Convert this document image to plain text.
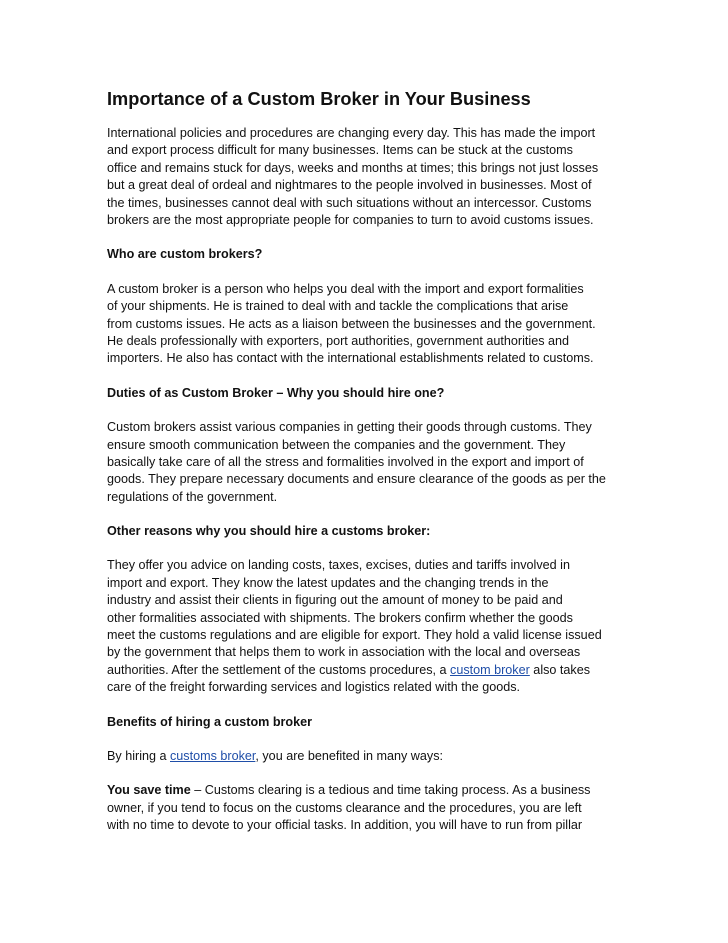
Importance of a Custom Broker in Your Business

International policies and procedures are changing every day. This has made the import
and export process difficult for many businesses. Items can be stuck at the customs
office and remains stuck for days, weeks and months at times; this brings not just losses
but a great deal of ordeal and nightmares to the people involved in businesses. Most of
the times, businesses cannot deal with such situations without an intercessor. Customs
brokers are the most appropriate people for companies to turn to avoid customs issues.

Who are custom brokers?

A custom broker is a person who helps you deal with the import and export formalities
of your shipments. He is trained to deal with and tackle the complications that arise
from customs issues. He acts as a liaison between the businesses and the government.
He deals professionally with exporters, port authorities, government authorities and
importers. He also has contact with the international establishments related to customs.

Duties of as Custom Broker – Why you should hire one?

Custom brokers assist various companies in getting their goods through customs. They
ensure smooth communication between the companies and the government. They
basically take care of all the stress and formalities involved in the export and import of
goods. They prepare necessary documents and ensure clearance of the goods as per the
regulations of the government.

Other reasons why you should hire a customs broker:

They offer you advice on landing costs, taxes, excises, duties and tariffs involved in
import and export. They know the latest updates and the changing trends in the
industry and assist their clients in figuring out the amount of money to be paid and
other formalities associated with shipments. The brokers confirm whether the goods
meet the customs regulations and are eligible for export. They hold a valid license issued
by the government that helps them to work in association with the local and overseas
authorities. After the settlement of the customs procedures, a custom broker also takes
care of the freight forwarding services and logistics related with the goods.

Benefits of hiring a custom broker

By hiring a customs broker, you are benefited in many ways:

You save time – Customs clearing is a tedious and time taking process. As a business
owner, if you tend to focus on the customs clearance and the procedures, you are left
with no time to devote to your official tasks. In addition, you will have to run from pillar
